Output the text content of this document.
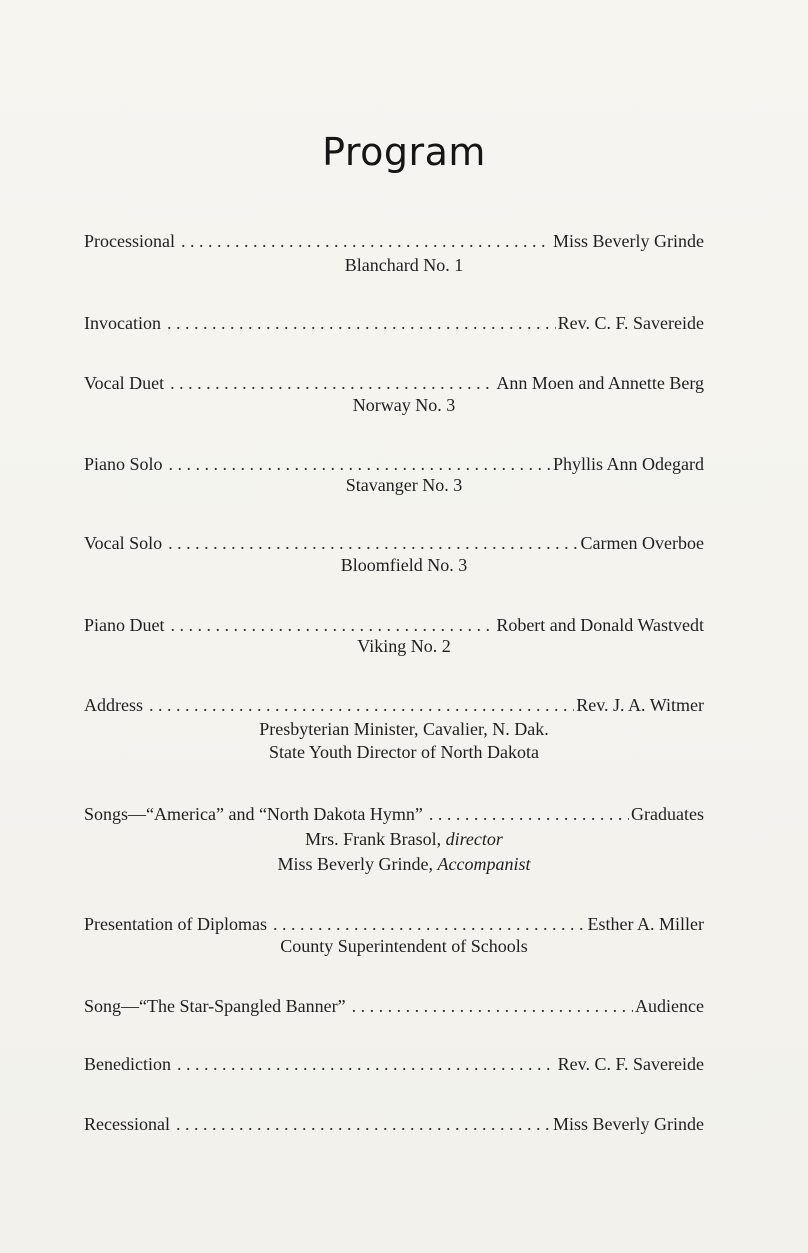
Program
Processional . . .	Miss Beverly Grinde
Blanchard No. 1
Invocation . . .	Rev. C. F. Savereide
Vocal Duet . . .	Ann Moen and Annette Berg
Norway No. 3
Piano Solo . . .	Phyllis Ann Odegard
Stavanger No. 3
Vocal Solo . . .	Carmen Overboe
Bloomfield No. 3
Piano Duet . . .	Robert and Donald Wastvedt
Viking No. 2
Address . . .	Rev. J. A. Witmer
Presbyterian Minister, Cavalier, N. Dak.
State Youth Director of North Dakota
Songs—“America” and “North Dakota Hymn” . . .	Graduates
Mrs. Frank Brasol, director
Miss Beverly Grinde, Accompanist
Presentation of Diplomas . . .	Esther A. Miller
County Superintendent of Schools
Song—“The Star-Spangled Banner” . . .	Audience
Benediction . . .	Rev. C. F. Savereide
Recessional . . .	Miss Beverly Grinde
